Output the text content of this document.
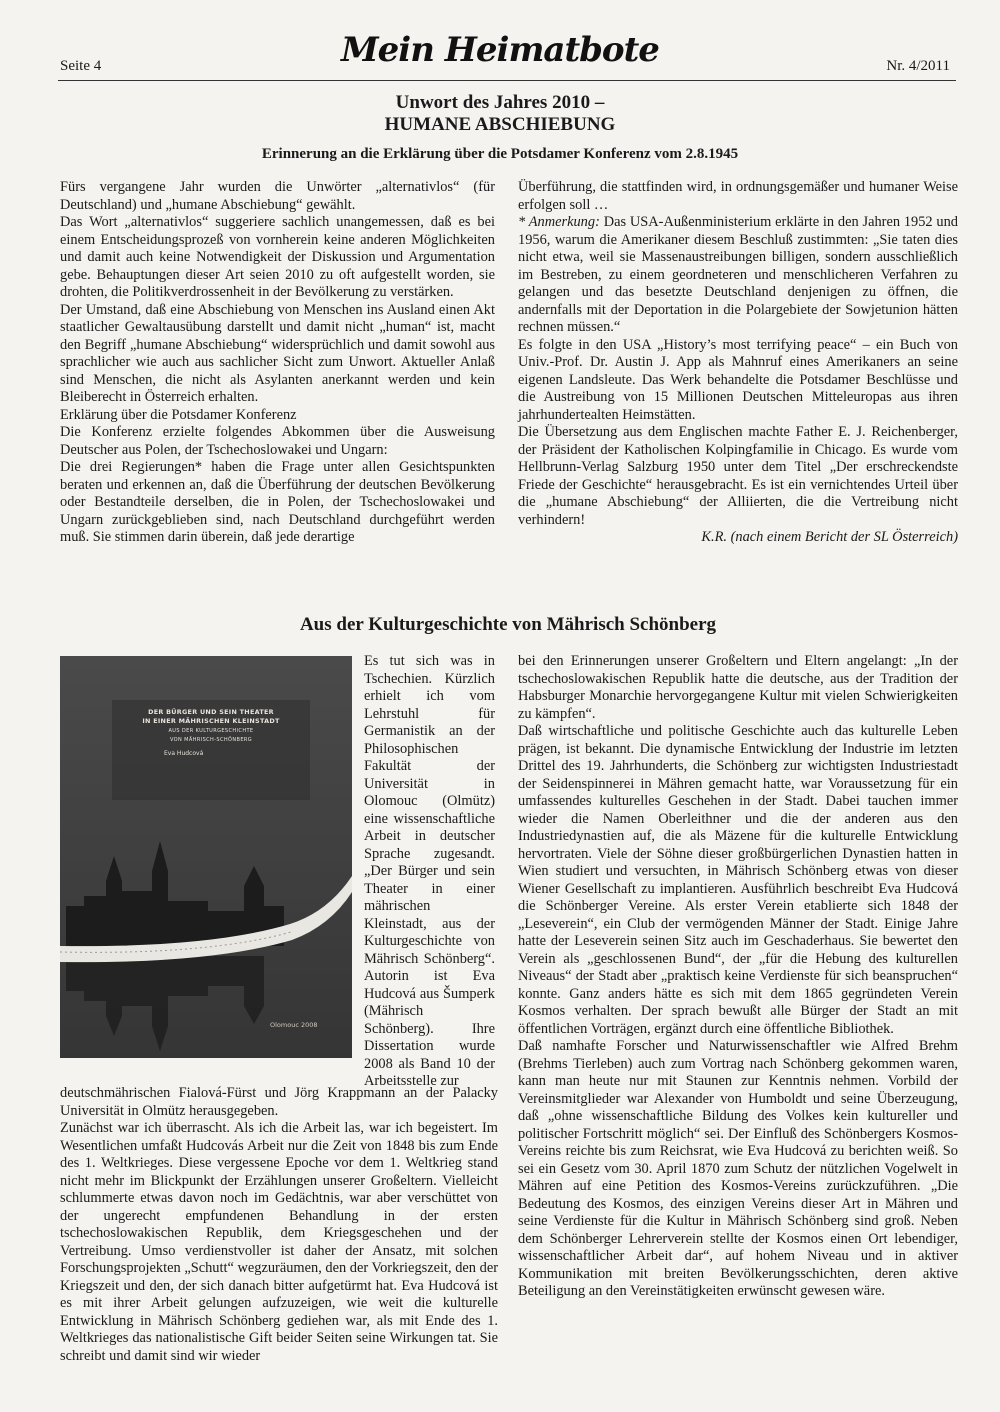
Seite 4	Mein Heimatbote	Nr. 4/2011
Unwort des Jahres 2010 –
HUMANE ABSCHIEBUNG
Erinnerung an die Erklärung über die Potsdamer Konferenz vom 2.8.1945

Fürs vergangene Jahr wurden die Unwörter „alternativlos“ (für Deutschland) und „humane Abschiebung“ gewählt.

Das Wort „alternativlos“ suggeriere sachlich unangemessen, daß es bei einem Entscheidungsprozeß von vornherein keine anderen Möglichkeiten und damit auch keine Notwendigkeit der Diskussion und Argumentation gebe. Behauptungen dieser Art seien 2010 zu oft aufgestellt worden, sie drohten, die Politikverdrossenheit in der Bevölkerung zu verstärken.

Der Umstand, daß eine Abschiebung von Menschen ins Ausland einen Akt staatlicher Gewaltausübung darstellt und damit nicht „human“ ist, macht den Begriff „humane Abschiebung“ widersprüchlich und damit sowohl aus sprachlicher wie auch aus sachlicher Sicht zum Unwort. Aktueller Anlaß sind Menschen, die nicht als Asylanten anerkannt werden und kein Bleiberecht in Österreich erhalten.

Erklärung über die Potsdamer Konferenz

Die Konferenz erzielte folgendes Abkommen über die Ausweisung Deutscher aus Polen, der Tschechoslowakei und Ungarn:

Die drei Regierungen* haben die Frage unter allen Gesichtspunkten beraten und erkennen an, daß die Überführung der deutschen Bevölkerung oder Bestandteile derselben, die in Polen, der Tschechoslowakei und Ungarn zurückgeblieben sind, nach Deutschland durchgeführt werden muß. Sie stimmen darin überein, daß jede derartige

Überführung, die stattfinden wird, in ordnungsgemäßer und humaner Weise erfolgen soll …

* Anmerkung: Das USA-Außenministerium erklärte in den Jahren 1952 und 1956, warum die Amerikaner diesem Beschluß zustimmten: „Sie taten dies nicht etwa, weil sie Massenaustreibungen billigen, sondern ausschließlich im Bestreben, zu einem geordneteren und menschlicheren Verfahren zu gelangen und das besetzte Deutschland denjenigen zu öffnen, die andernfalls mit der Deportation in die Polargebiete der Sowjetunion hätten rechnen müssen.“

Es folgte in den USA „History’s most terrifying peace“ – ein Buch von Univ.-Prof. Dr. Austin J. App als Mahnruf eines Amerikaners an seine eigenen Landsleute. Das Werk behandelte die Potsdamer Beschlüsse und die Austreibung von 15 Millionen Deutschen Mitteleuropas aus ihren jahrhundertealten Heimstätten.

Die Übersetzung aus dem Englischen machte Father E. J. Reichenberger, der Präsident der Katholischen Kolpingfamilie in Chicago. Es wurde vom Hellbrunn-Verlag Salzburg 1950 unter dem Titel „Der erschreckendste Friede der Geschichte“ herausgebracht. Es ist ein vernichtendes Urteil über die „humane Abschiebung“ der Alliierten, die die Vertreibung nicht verhindern!

K.R. (nach einem Bericht der SL Österreich)

Aus der Kulturgeschichte von Mährisch Schönberg
DER BÜRGER UND SEIN THEATER
IN EINER MÄHRISCHEN KLEINSTADT
AUS DER KULTURGESCHICHTE
VON MÄHRISCH-SCHÖNBERG
Eva Hudcová
Olomouc 2008

Es tut sich was in Tschechien. Kürzlich erhielt ich vom Lehrstuhl für Germanistik an der Philosophischen Fakultät der Universität in Olomouc (Olmütz) eine wissenschaftliche Arbeit in deutscher Sprache zugesandt. „Der Bürger und sein Theater in einer mährischen Kleinstadt, aus der Kulturgeschichte von Mährisch Schönberg“. Autorin ist Eva Hudcová aus Šumperk (Mährisch Schönberg). Ihre Dissertation wurde 2008 als Band 10 der Arbeitsstelle zur

deutschmährischen Fialová-Fürst und Jörg Krappmann an der Palacky Universität in Olmütz herausgegeben.

Zunächst war ich überrascht. Als ich die Arbeit las, war ich begeistert. Im Wesentlichen umfaßt Hudcovás Arbeit nur die Zeit von 1848 bis zum Ende des 1. Weltkrieges. Diese vergessene Epoche vor dem 1. Weltkrieg stand nicht mehr im Blickpunkt der Erzählungen unserer Großeltern. Vielleicht schlummerte etwas davon noch im Gedächtnis, war aber verschüttet von der ungerecht empfundenen Behandlung in der ersten tschechoslowakischen Republik, dem Kriegsgeschehen und der Vertreibung. Umso verdienstvoller ist daher der Ansatz, mit solchen Forschungsprojekten „Schutt“ wegzuräumen, den der Vorkriegszeit, den der Kriegszeit und den, der sich danach bitter aufgetürmt hat. Eva Hudcová ist es mit ihrer Arbeit gelungen aufzuzeigen, wie weit die kulturelle Entwicklung in Mährisch Schönberg gediehen war, als mit Ende des 1. Weltkrieges das nationalistische Gift beider Seiten seine Wirkungen tat. Sie schreibt und damit sind wir wieder

bei den Erinnerungen unserer Großeltern und Eltern angelangt: „In der tschechoslowakischen Republik hatte die deutsche, aus der Tradition der Habsburger Monarchie hervorgegangene Kultur mit vielen Schwierigkeiten zu kämpfen“.

Daß wirtschaftliche und politische Geschichte auch das kulturelle Leben prägen, ist bekannt. Die dynamische Entwicklung der Industrie im letzten Drittel des 19. Jahrhunderts, die Schönberg zur wichtigsten Industriestadt der Seidenspinnerei in Mähren gemacht hatte, war Voraussetzung für ein umfassendes kulturelles Geschehen in der Stadt. Dabei tauchen immer wieder die Namen Oberleithner und die der anderen aus den Industriedynastien auf, die als Mäzene für die kulturelle Entwicklung hervortraten. Viele der Söhne dieser großbürgerlichen Dynastien hatten in Wien studiert und versuchten, in Mährisch Schönberg etwas von dieser Wiener Gesellschaft zu implantieren. Ausführlich beschreibt Eva Hudcová die Schönberger Vereine. Als erster Verein etablierte sich 1848 der „Leseverein“, ein Club der vermögenden Männer der Stadt. Einige Jahre hatte der Leseverein seinen Sitz auch im Geschaderhaus. Sie bewertet den Verein als „geschlossenen Bund“, der „für die Hebung des kulturellen Niveaus“ der Stadt aber „praktisch keine Verdienste für sich beanspruchen“ konnte. Ganz anders hätte es sich mit dem 1865 gegründeten Verein Kosmos verhalten. Der sprach bewußt alle Bürger der Stadt an mit öffentlichen Vorträgen, ergänzt durch eine öffentliche Bibliothek.

Daß namhafte Forscher und Naturwissenschaftler wie Alfred Brehm (Brehms Tierleben) auch zum Vortrag nach Schönberg gekommen waren, kann man heute nur mit Staunen zur Kenntnis nehmen. Vorbild der Vereinsmitglieder war Alexander von Humboldt und seine Überzeugung, daß „ohne wissenschaftliche Bildung des Volkes kein kultureller und politischer Fortschritt möglich“ sei. Der Einfluß des Schönbergers Kosmos-Vereins reichte bis zum Reichsrat, wie Eva Hudcová zu berichten weiß. So sei ein Gesetz vom 30. April 1870 zum Schutz der nützlichen Vogelwelt in Mähren auf eine Petition des Kosmos-Vereins zurückzuführen. „Die Bedeutung des Kosmos, des einzigen Vereins dieser Art in Mähren und seine Verdienste für die Kultur in Mährisch Schönberg sind groß. Neben dem Schönberger Lehrerverein stellte der Kosmos einen Ort lebendiger, wissenschaftlicher Arbeit dar“, auf hohem Niveau und in aktiver Kommunikation mit breiten Bevölkerungsschichten, deren aktive Beteiligung an den Vereinstätigkeiten erwünscht gewesen wäre.
